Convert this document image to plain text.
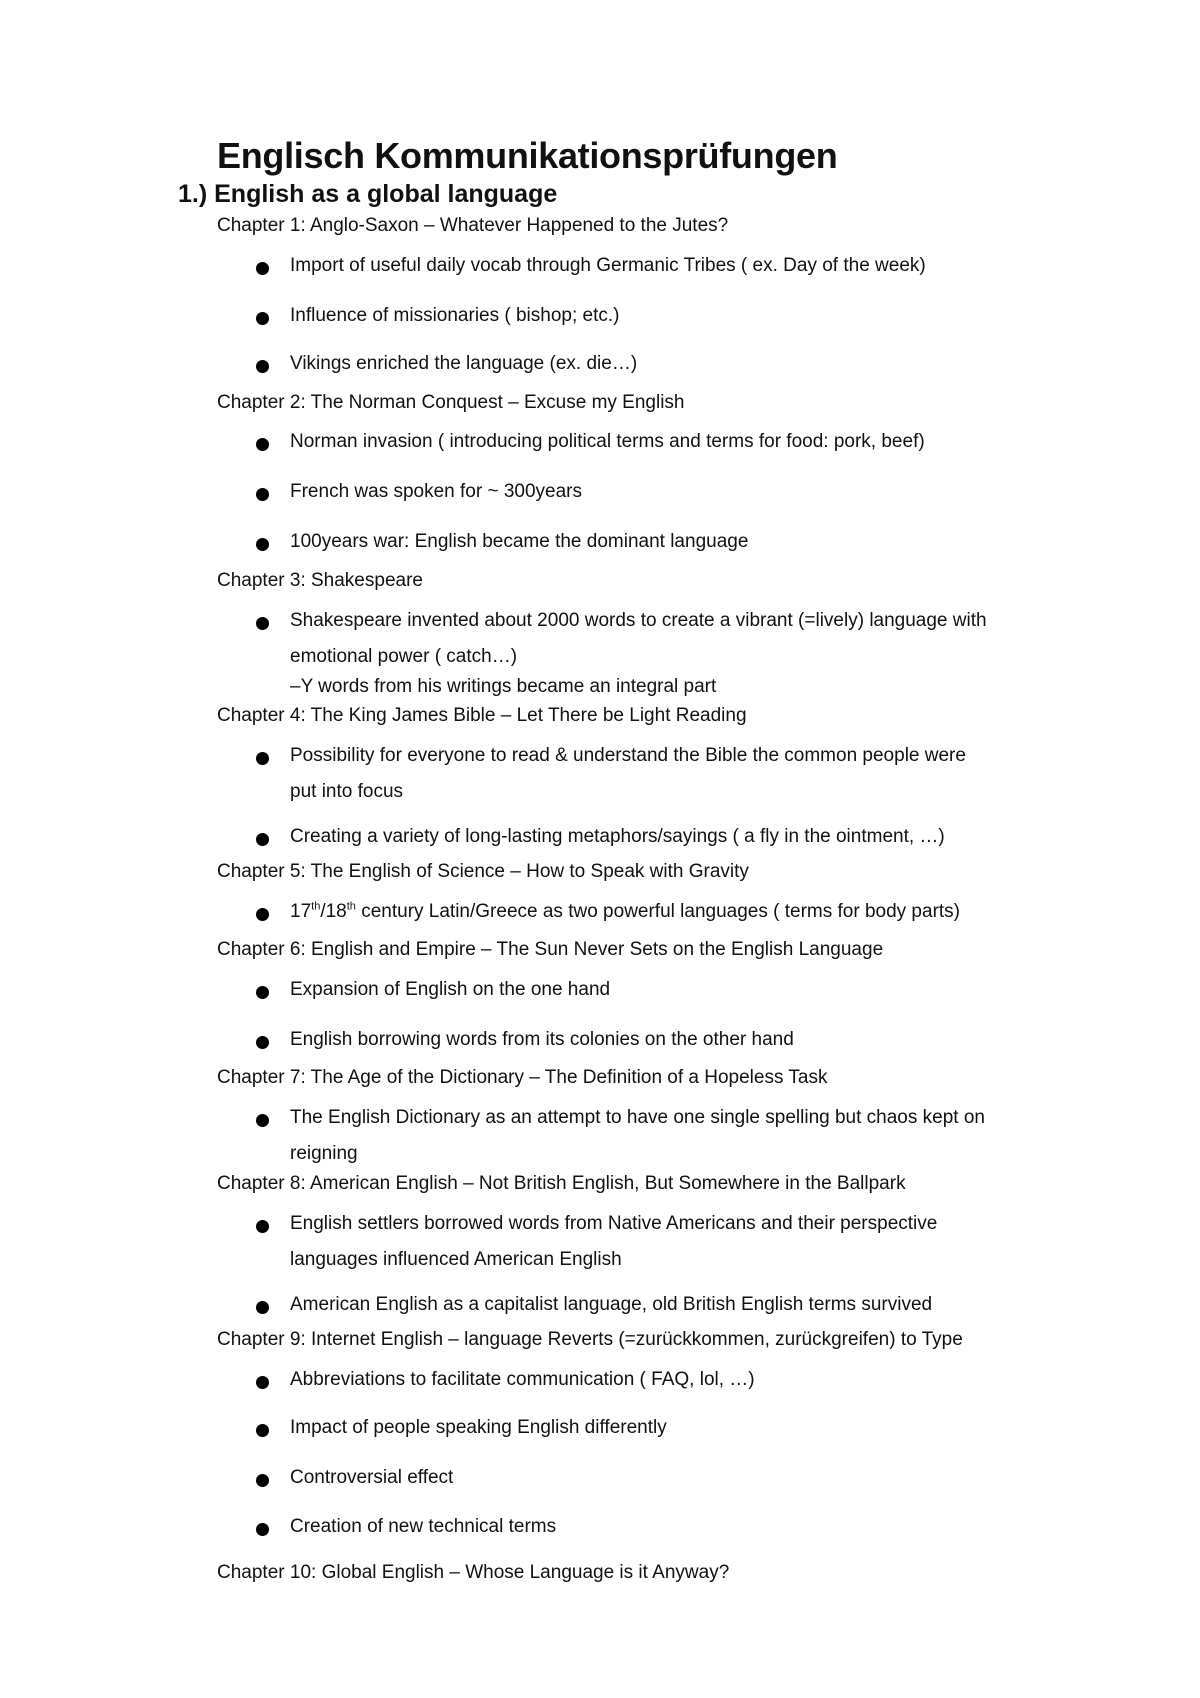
Englisch Kommunikationsprüfungen
1.) English as a global language
Chapter 1: Anglo-Saxon – Whatever Happened to the Jutes?
Import of useful daily vocab through Germanic Tribes ( ex. Day of the week)
Influence of missionaries ( bishop; etc.)
Vikings enriched the language (ex. die…)
Chapter 2: The Norman Conquest – Excuse my English
Norman invasion ( introducing political terms and terms for food: pork, beef)
French was spoken for ~ 300years
100years war: English became the dominant language
Chapter 3: Shakespeare
Shakespeare invented about 2000 words to create a vibrant (=lively) language with
emotional power ( catch…)
–Y words from his writings became an integral part
Chapter 4: The King James Bible – Let There be Light Reading
Possibility for everyone to read & understand the Bible the common people were
put into focus
Creating a variety of long-lasting metaphors/sayings ( a fly in the ointment, …)
Chapter 5: The English of Science – How to Speak with Gravity
17th/18th century Latin/Greece as two powerful languages ( terms for body parts)
Chapter 6: English and Empire – The Sun Never Sets on the English Language
Expansion of English on the one hand
English borrowing words from its colonies on the other hand
Chapter 7: The Age of the Dictionary – The Definition of a Hopeless Task
The English Dictionary as an attempt to have one single spelling but chaos kept on
reigning
Chapter 8: American English – Not British English, But Somewhere in the Ballpark
English settlers borrowed words from Native Americans and their perspective
languages influenced American English
American English as a capitalist language, old British English terms survived
Chapter 9: Internet English – language Reverts (=zurückkommen, zurückgreifen) to Type
Abbreviations to facilitate communication ( FAQ, lol, …)
Impact of people speaking English differently
Controversial effect
Creation of new technical terms
Chapter 10: Global English – Whose Language is it Anyway?
